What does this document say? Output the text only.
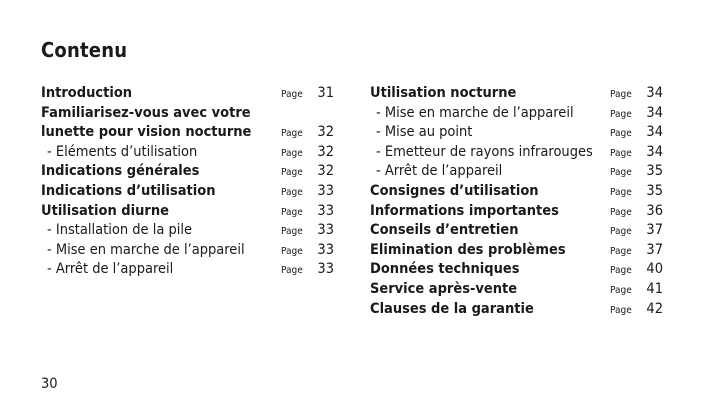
Contenu
Introduction	Page 31
Familiarisez-vous avec votre
lunette pour vision nocturne	Page 32
- Eléments d’utilisation	Page 32
Indications générales	Page 32
Indications d’utilisation	Page 33
Utilisation diurne	Page 33
- Installation de la pile	Page 33
- Mise en marche de l’appareil	Page 33
- Arrêt de l’appareil	Page 33
Utilisation nocturne	Page 34
- Mise en marche de l’appareil	Page 34
- Mise au point	Page 34
- Emetteur de rayons infrarouges Page 34
- Arrêt de l’appareil	Page 35
Consignes d’utilisation	Page 35
Informations importantes	Page 36
Conseils d’entretien	Page 37
Elimination des problèmes	Page 37
Données techniques	Page 40
Service après-vente	Page 41
Clauses de la garantie	Page 42
30
